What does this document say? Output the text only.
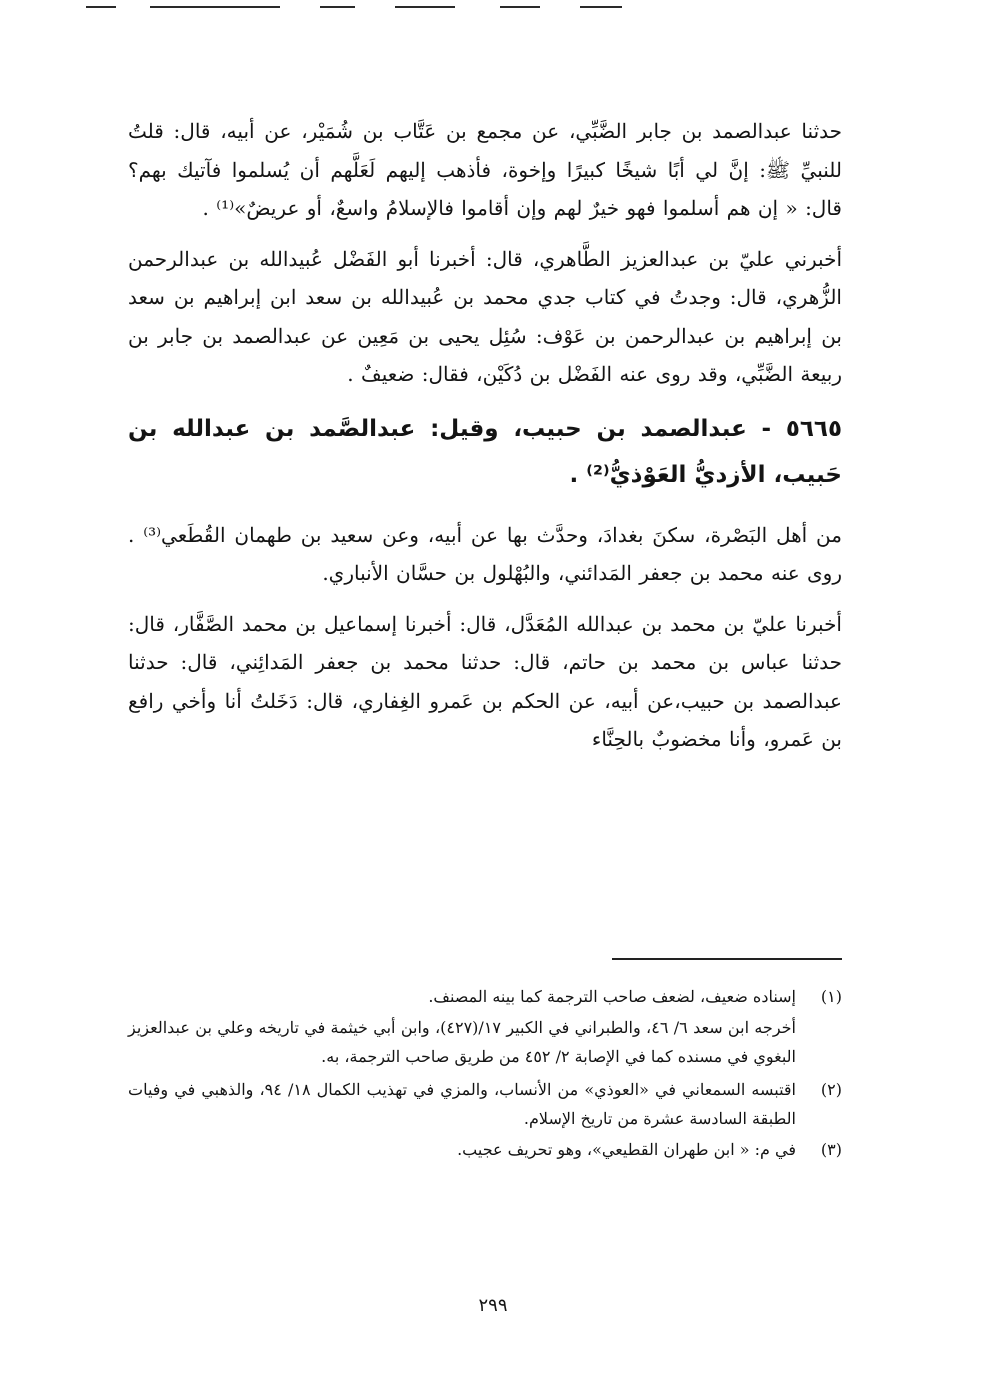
حدثنا عبدالصمد بن جابر الضَّبِّي، عن مجمع بن عَتَّاب بن شُمَيْر، عن أبيه، قال: قلتُ للنبيِّ ﷺ: إنَّ لي أبًا شيخًا كبيرًا وإخوة، فأذهب إليهم لَعَلَّهم أن يُسلموا فآتيك بهم؟ قال: « إن هم أسلموا فهو خيرٌ لهم وإن أقاموا فالإسلامُ واسعٌ، أو عريضٌ»⁽¹⁾ .

أخبرني عليّ بن عبدالعزيز الطَّاهري، قال: أخبرنا أبو الفَضْل عُبيدالله بن عبدالرحمن الزُّهري، قال: وجدتُ في كتاب جدي محمد بن عُبيدالله بن سعد ابن إبراهيم بن سعد بن إبراهيم بن عبدالرحمن بن عَوْف: سُئِل يحيى بن مَعِين عن عبدالصمد بن جابر بن ربيعة الضَّبِّي، وقد روى عنه الفَضْل بن دُكَيْن، فقال: ضعيفٌ .

٥٦٦٥ - عبدالصمد بن حبيب، وقيل: عبدالصَّمد بن عبدالله بن حَبيب، الأزديُّ العَوْذيُّ⁽²⁾ .

من أهل البَصْرة، سكنَ بغدادَ، وحدَّث بها عن أبيه، وعن سعيد بن طهمان القُطَعي⁽³⁾ . روى عنه محمد بن جعفر المَدائني، والبُهْلول بن حسَّان الأنباري.

أخبرنا عليّ بن محمد بن عبدالله المُعَدَّل، قال: أخبرنا إسماعيل بن محمد الصَّفَّار، قال: حدثنا عباس بن محمد بن حاتم، قال: حدثنا محمد بن جعفر المَدائِني، قال: حدثنا عبدالصمد بن حبيب،عن أبيه، عن الحكم بن عَمرو الغِفاري، قال: دَخَلتُ أنا وأخي رافع بن عَمرو، وأنا مخضوبٌ بالحِنَّاء

(١)
إسناده ضعيف، لضعف صاحب الترجمة كما بينه المصنف.
أخرجه ابن سعد ٦/ ٤٦، والطبراني في الكبير ١٧/(٤٢٧)، وابن أبي خيثمة في تاريخه وعلي بن عبدالعزيز البغوي في مسنده كما في الإصابة ٢/ ٤٥٢ من طريق صاحب الترجمة، به.
(٢)
اقتبسه السمعاني في «العوذي» من الأنساب، والمزي في تهذيب الكمال ١٨/ ٩٤، والذهبي في وفيات الطبقة السادسة عشرة من تاريخ الإسلام.
(٣)
في م: « ابن طهران القطيعي»، وهو تحريف عجيب.
٢٩٩
